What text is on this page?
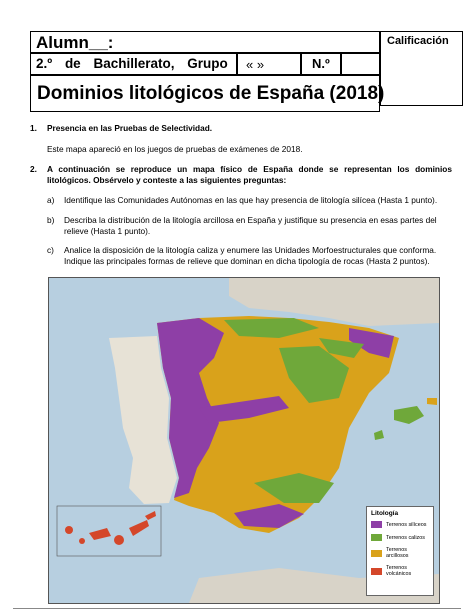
Alumn__:	Calificación
2.º de Bachillerato, Grupo « »	N.º
Dominios litológicos de España (2018)
1. Presencia en las Pruebas de Selectividad.
Este mapa apareció en los juegos de pruebas de exámenes de 2018.
2. A continuación se reproduce un mapa físico de España donde se representan los dominios litológicos. Obsérvelo y conteste a las siguientes preguntas:
a) Identifique las Comunidades Autónomas en las que hay presencia de litología silícea (Hasta 1 punto).
b) Describa la distribución de la litología arcillosa en España y justifique su presencia en esas partes del relieve (Hasta 1 punto).
c) Analice la disposición de la litología caliza y enumere las Unidades Morfoestructurales que conforma. Indique las principales formas de relieve que dominan en dicha tipología de rocas (Hasta 2 puntos).
Litología
Terrenos silíceos
Terrenos calizos
Terrenos arcillosos
Terrenos volcánicos
